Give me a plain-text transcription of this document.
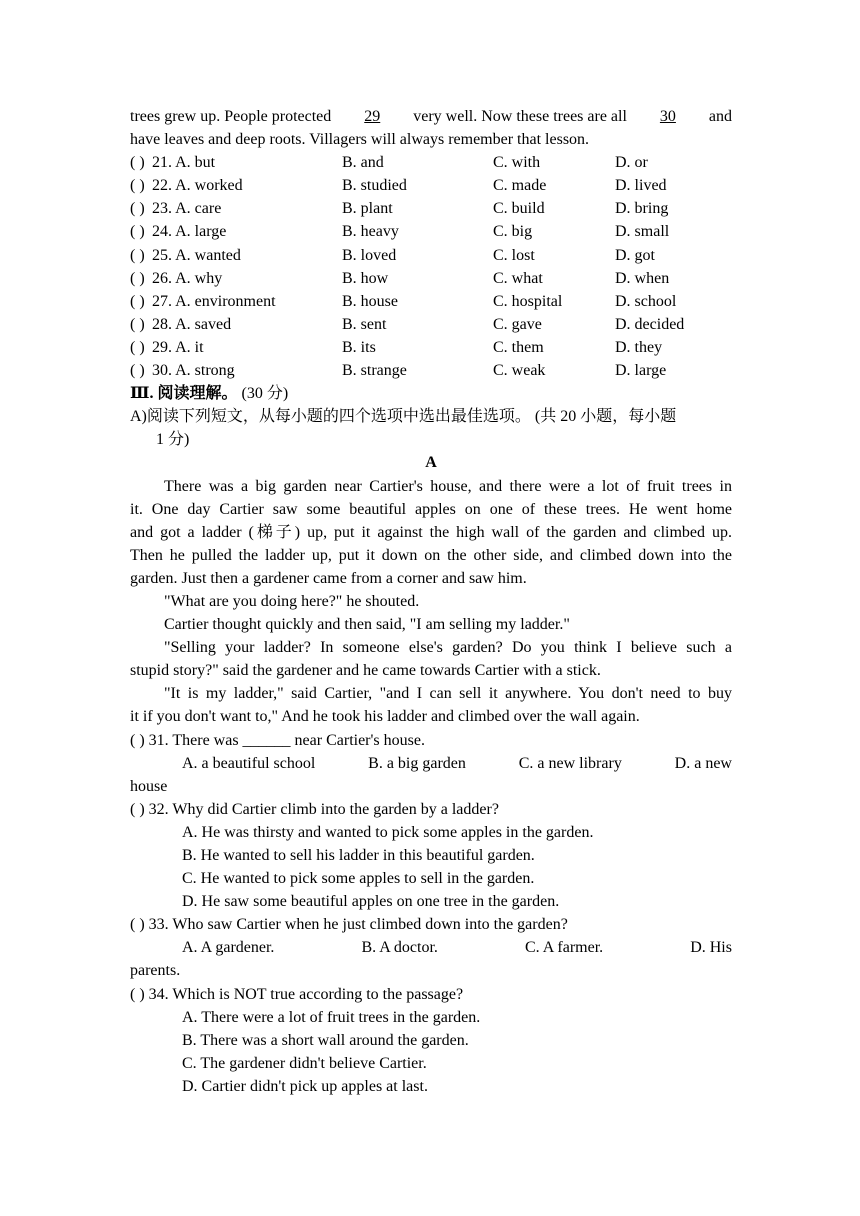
trees grew up. People protected 29 very well. Now these trees are all 30 and
have leaves and deep roots. Villagers will always remember that lesson.
( ) 21. A. but	B. and	C. with	D. or
( ) 22. A. worked	B. studied	C. made	D. lived
( ) 23. A. care	B. plant	C. build	D. bring
( ) 24. A. large	B. heavy	C. big	D. small
( ) 25. A. wanted	B. loved	C. lost	D. got
( ) 26. A. why	B. how	C. what	D. when
( ) 27. A. environment	B. house	C. hospital	D. school
( ) 28. A. saved	B. sent	C. gave	D. decided
( ) 29. A. it	B. its	C. them	D. they
( ) 30. A. strong	B. strange	C. weak	D. large
Ⅲ. 阅读理解。 (30 分)
A)阅读下列短文，从每小题的四个选项中选出最佳选项。 (共 20 小题，每小题
1 分)
A
There was a big garden near Cartier's house, and there were a lot of fruit trees in
it. One day Cartier saw some beautiful apples on one of these trees. He went home
and got a ladder (梯子) up, put it against the high wall of the garden and climbed up.
Then he pulled the ladder up, put it down on the other side, and climbed down into the
garden. Just then a gardener came from a corner and saw him.
"What are you doing here?" he shouted.
Cartier thought quickly and then said, "I am selling my ladder."
"Selling your ladder? In someone else's garden? Do you think I believe such a
stupid story?" said the gardener and he came towards Cartier with a stick.
"It is my ladder," said Cartier, "and I can sell it anywhere. You don't need to buy
it if you don't want to," And he took his ladder and climbed over the wall again.
( ) 31. There was ______ near Cartier's house.
A. a beautiful school	B. a big garden	C. a new library	D. a new
house
( ) 32. Why did Cartier climb into the garden by a ladder?
A. He was thirsty and wanted to pick some apples in the garden.
B. He wanted to sell his ladder in this beautiful garden.
C. He wanted to pick some apples to sell in the garden.
D. He saw some beautiful apples on one tree in the garden.
( ) 33. Who saw Cartier when he just climbed down into the garden?
A. A gardener.	B. A doctor.	C. A farmer.	D. His
parents.
( ) 34. Which is NOT true according to the passage?
A. There were a lot of fruit trees in the garden.
B. There was a short wall around the garden.
C. The gardener didn't believe Cartier.
D. Cartier didn't pick up apples at last.
